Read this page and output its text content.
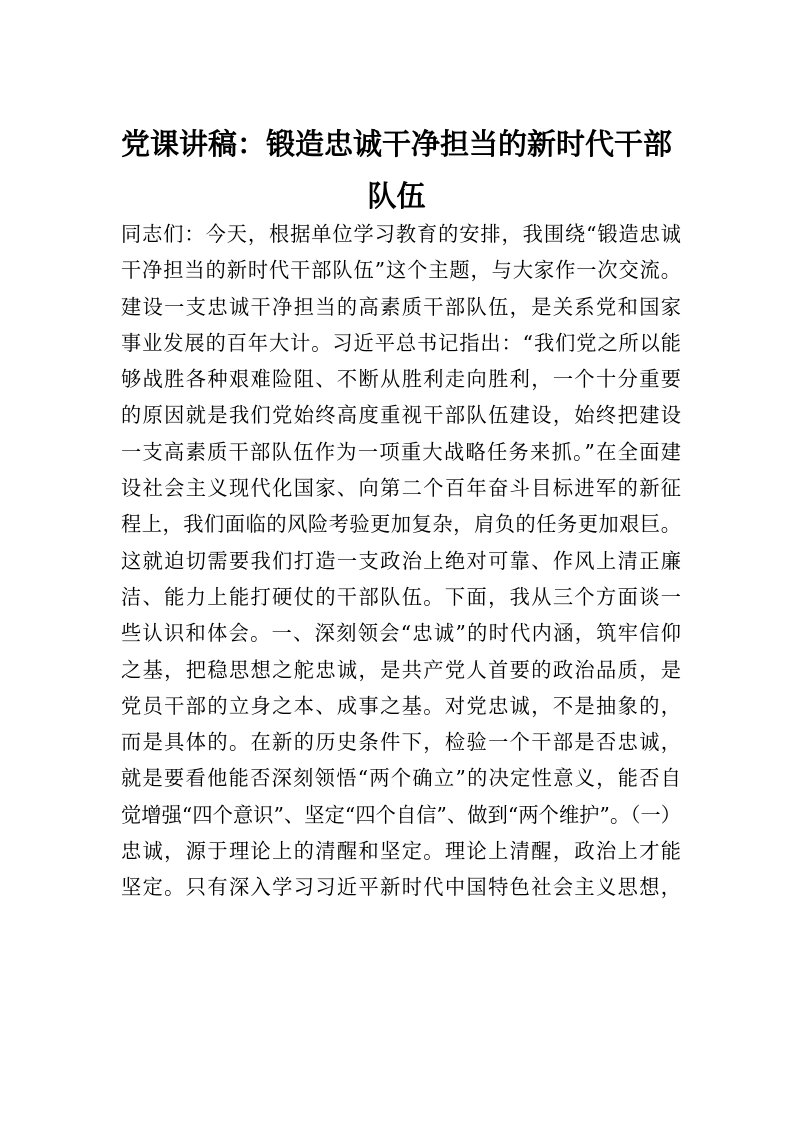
党课讲稿：锻造忠诚干净担当的新时代干部
队伍
同志们：今天，根据单位学习教育的安排，我围绕“锻造忠诚
干净担当的新时代干部队伍”这个主题，与大家作一次交流。
建设一支忠诚干净担当的高素质干部队伍，是关系党和国家
事业发展的百年大计。习近平总书记指出：“我们党之所以能
够战胜各种艰难险阻、不断从胜利走向胜利，一个十分重要
的原因就是我们党始终高度重视干部队伍建设，始终把建设
一支高素质干部队伍作为一项重大战略任务来抓。”在全面建
设社会主义现代化国家、向第二个百年奋斗目标进军的新征
程上，我们面临的风险考验更加复杂，肩负的任务更加艰巨。
这就迫切需要我们打造一支政治上绝对可靠、作风上清正廉
洁、能力上能打硬仗的干部队伍。下面，我从三个方面谈一
些认识和体会。一、深刻领会“忠诚”的时代内涵，筑牢信仰
之基，把稳思想之舵忠诚，是共产党人首要的政治品质，是
党员干部的立身之本、成事之基。对党忠诚，不是抽象的，
而是具体的。在新的历史条件下，检验一个干部是否忠诚，
就是要看他能否深刻领悟“两个确立”的决定性意义，能否自
觉增强“四个意识”、坚定“四个自信”、做到“两个维护”。（一）
忠诚，源于理论上的清醒和坚定。理论上清醒，政治上才能
坚定。只有深入学习习近平新时代中国特色社会主义思想，
